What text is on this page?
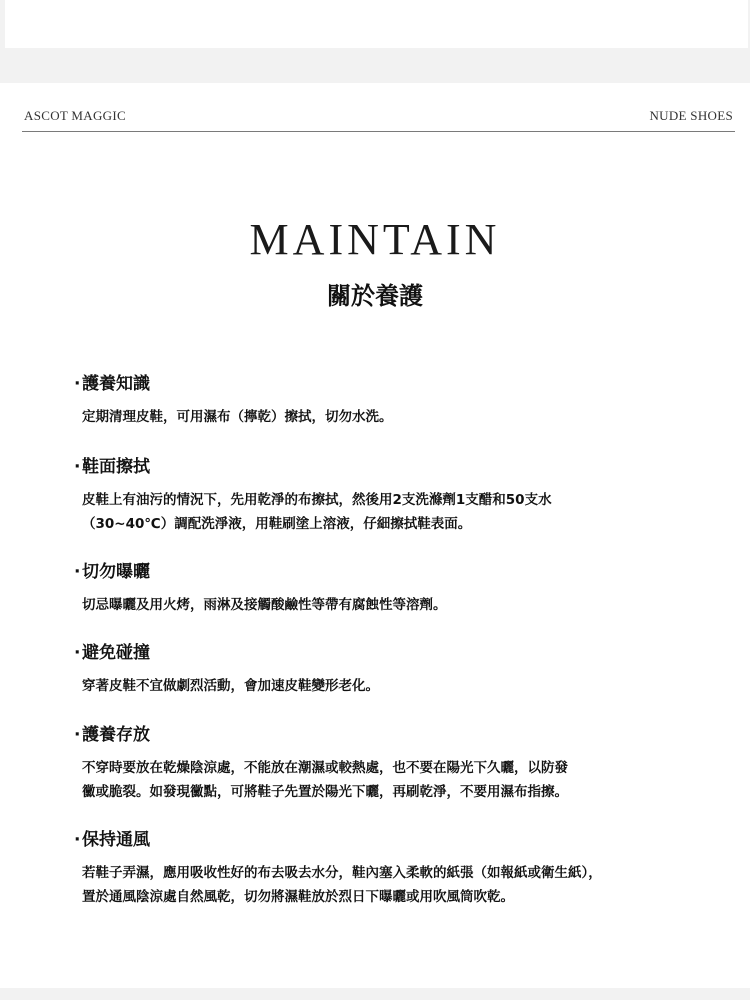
ASCOT MAGGIC	NUDE SHOES
MAINTAIN
關於養護
·護養知識
定期清理皮鞋，可用濕布（擰乾）擦拭，切勿水洗。
·鞋面擦拭
皮鞋上有油污的情況下，先用乾淨的布擦拭，然後用2支洗滌劑1支醋和50支水
（30~40℃）調配洗淨液，用鞋刷塗上溶液，仔細擦拭鞋表面。
·切勿曝曬
切忌曝曬及用火烤，雨淋及接觸酸鹼性等帶有腐蝕性等溶劑。
·避免碰撞
穿著皮鞋不宜做劇烈活動，會加速皮鞋變形老化。
·護養存放
不穿時要放在乾燥陰涼處，不能放在潮濕或較熱處，也不要在陽光下久曬，以防發
黴或脆裂。如發現黴點，可將鞋子先置於陽光下曬，再刷乾淨，不要用濕布指擦。
·保持通風
若鞋子弄濕，應用吸收性好的布去吸去水分，鞋內塞入柔軟的紙張（如報紙或衛生紙），
置於通風陰涼處自然風乾，切勿將濕鞋放於烈日下曝曬或用吹風筒吹乾。
